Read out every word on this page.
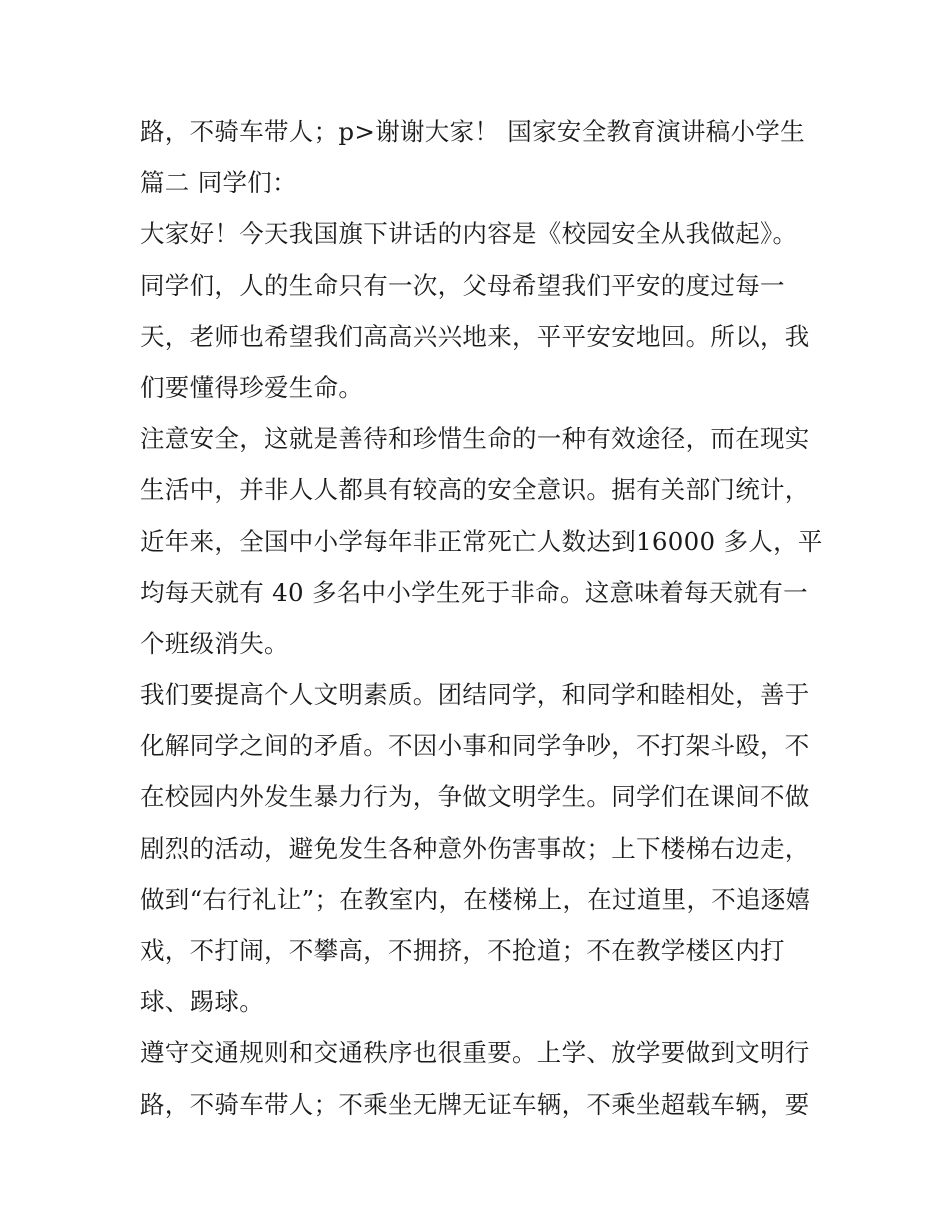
路，不骑车带人；p>谢谢大家！ 国家安全教育演讲稿小学生
篇二 同学们：
大家好！今天我国旗下讲话的内容是《校园安全从我做起》。
同学们，人的生命只有一次，父母希望我们平安的度过每一
天，老师也希望我们高高兴兴地来，平平安安地回。所以，我
们要懂得珍爱生命。
注意安全，这就是善待和珍惜生命的一种有效途径，而在现实
生活中，并非人人都具有较高的安全意识。据有关部门统计，
近年来，全国中小学每年非正常死亡人数达到16000 多人，平
均每天就有 40 多名中小学生死于非命。这意味着每天就有一
个班级消失。
我们要提高个人文明素质。团结同学，和同学和睦相处，善于
化解同学之间的矛盾。不因小事和同学争吵，不打架斗殴，不
在校园内外发生暴力行为，争做文明学生。同学们在课间不做
剧烈的活动，避免发生各种意外伤害事故；上下楼梯右边走，
做到“右行礼让”；在教室内，在楼梯上，在过道里，不追逐嬉
戏，不打闹，不攀高，不拥挤，不抢道；不在教学楼区内打
球、踢球。
遵守交通规则和交通秩序也很重要。上学、放学要做到文明行
路，不骑车带人；不乘坐无牌无证车辆，不乘坐超载车辆，要
